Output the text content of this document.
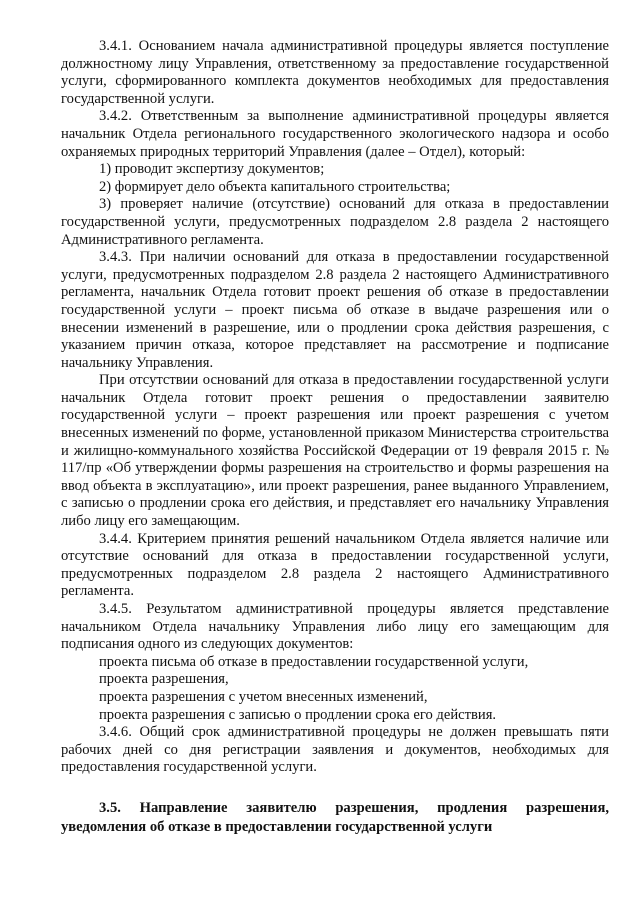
3.4.1. Основанием начала административной процедуры является поступление должностному лицу Управления, ответственному за предоставление государственной услуги, сформированного комплекта документов необходимых для предоставления государственной услуги.

3.4.2. Ответственным за выполнение административной процедуры является начальник Отдела регионального государственного экологического надзора и особо охраняемых природных территорий Управления (далее – Отдел), который:

1) проводит экспертизу документов;

2) формирует дело объекта капитального строительства;

3) проверяет наличие (отсутствие) оснований для отказа в предоставлении государственной услуги, предусмотренных подразделом 2.8 раздела 2 настоящего Административного регламента.

3.4.3. При наличии оснований для отказа в предоставлении государственной услуги, предусмотренных подразделом 2.8 раздела 2 настоящего Административного регламента, начальник Отдела готовит проект решения об отказе в предоставлении государственной услуги – проект письма об отказе в выдаче разрешения или о внесении изменений в разрешение, или о продлении срока действия разрешения, с указанием причин отказа, которое представляет на рассмотрение и подписание начальнику Управления.

При отсутствии оснований для отказа в предоставлении государственной услуги начальник Отдела готовит проект решения о предоставлении заявителю государственной услуги – проект разрешения или проект разрешения с учетом внесенных изменений по форме, установленной приказом Министерства строительства и жилищно-коммунального хозяйства Российской Федерации от 19 февраля 2015 г. № 117/пр «Об утверждении формы разрешения на строительство и формы разрешения на ввод объекта в эксплуатацию», или проект разрешения, ранее выданного Управлением, с записью о продлении срока его действия, и представляет его начальнику Управления либо лицу его замещающим.

3.4.4. Критерием принятия решений начальником Отдела является наличие или отсутствие оснований для отказа в предоставлении государственной услуги, предусмотренных подразделом 2.8 раздела 2 настоящего Административного регламента.

3.4.5. Результатом административной процедуры является представление начальником Отдела начальнику Управления либо лицу его замещающим для подписания одного из следующих документов:

проекта письма об отказе в предоставлении государственной услуги,

проекта разрешения,

проекта разрешения с учетом внесенных изменений,

проекта разрешения с записью о продлении срока его действия.

3.4.6. Общий срок административной процедуры не должен превышать пяти рабочих дней со дня регистрации заявления и документов, необходимых для предоставления государственной услуги.

3.5. Направление заявителю разрешения, продления разрешения, уведомления об отказе в предоставлении государственной услуги
